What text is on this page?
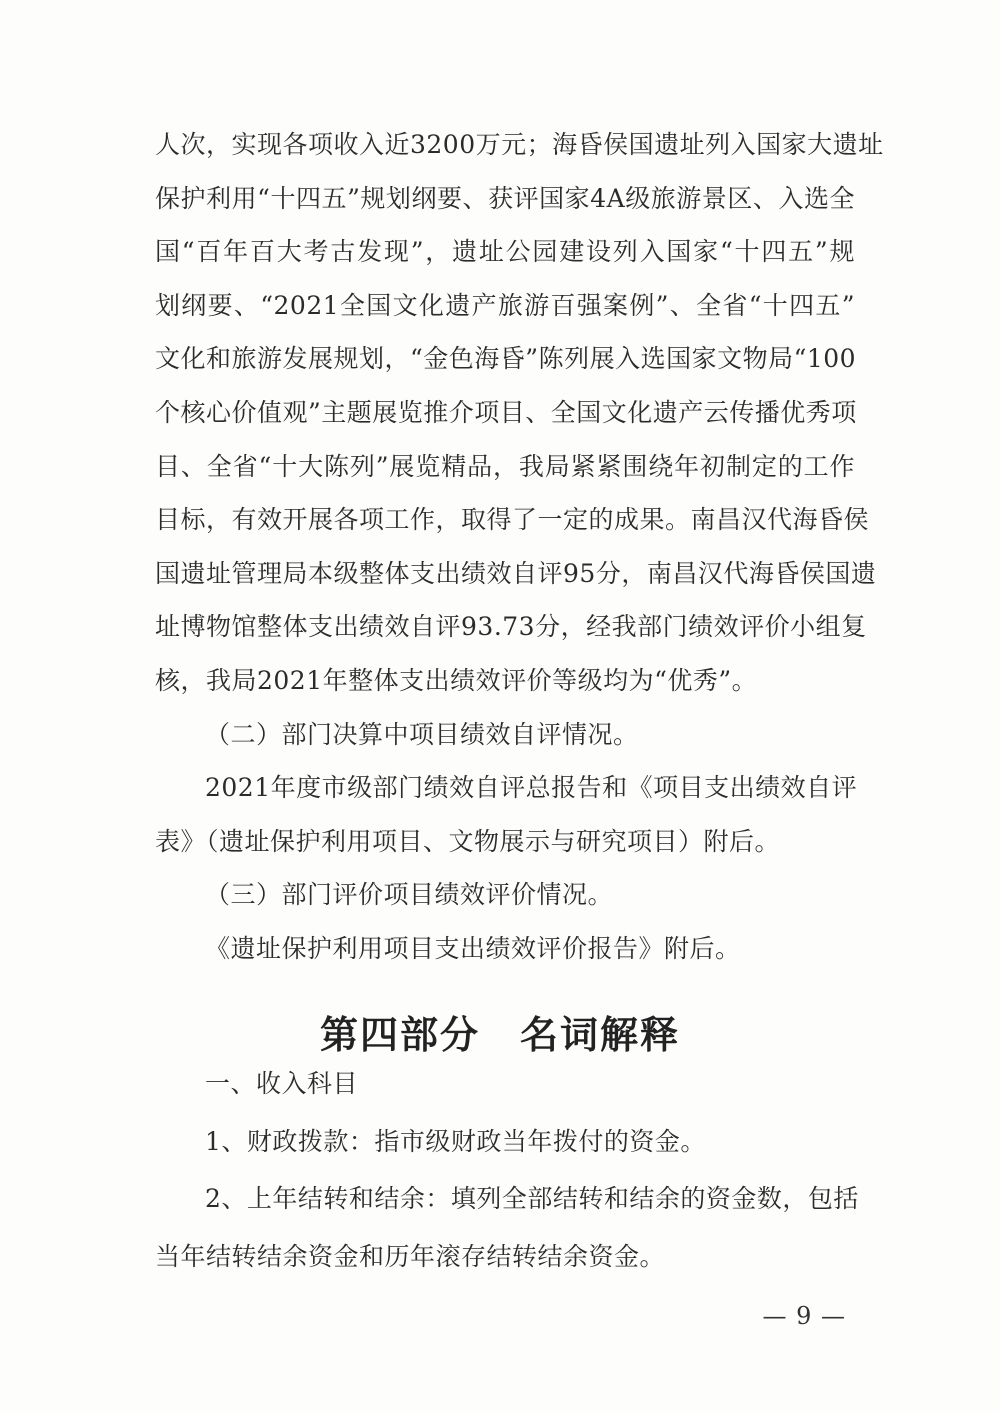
人次，实现各项收入近3200万元；海昏侯国遗址列入国家大遗址
保护利用“十四五”规划纲要、获评国家4A级旅游景区、入选全
国“百年百大考古发现”，遗址公园建设列入国家“十四五”规
划纲要、“2021全国文化遗产旅游百强案例”、全省“十四五”
文化和旅游发展规划，“金色海昏”陈列展入选国家文物局“100
个核心价值观”主题展览推介项目、全国文化遗产云传播优秀项
目、全省“十大陈列”展览精品，我局紧紧围绕年初制定的工作
目标，有效开展各项工作，取得了一定的成果。南昌汉代海昏侯
国遗址管理局本级整体支出绩效自评95分，南昌汉代海昏侯国遗
址博物馆整体支出绩效自评93.73分，经我部门绩效评价小组复
核，我局2021年整体支出绩效评价等级均为“优秀”。
（二）部门决算中项目绩效自评情况。
2021年度市级部门绩效自评总报告和《项目支出绩效自评
表》（遗址保护利用项目、文物展示与研究项目）附后。
（三）部门评价项目绩效评价情况。
《遗址保护利用项目支出绩效评价报告》附后。
第四部分　名词解释
一、收入科目
1、财政拨款：指市级财政当年拨付的资金。
2、上年结转和结余：填列全部结转和结余的资金数，包括
当年结转结余资金和历年滚存结转结余资金。
— 9 —
